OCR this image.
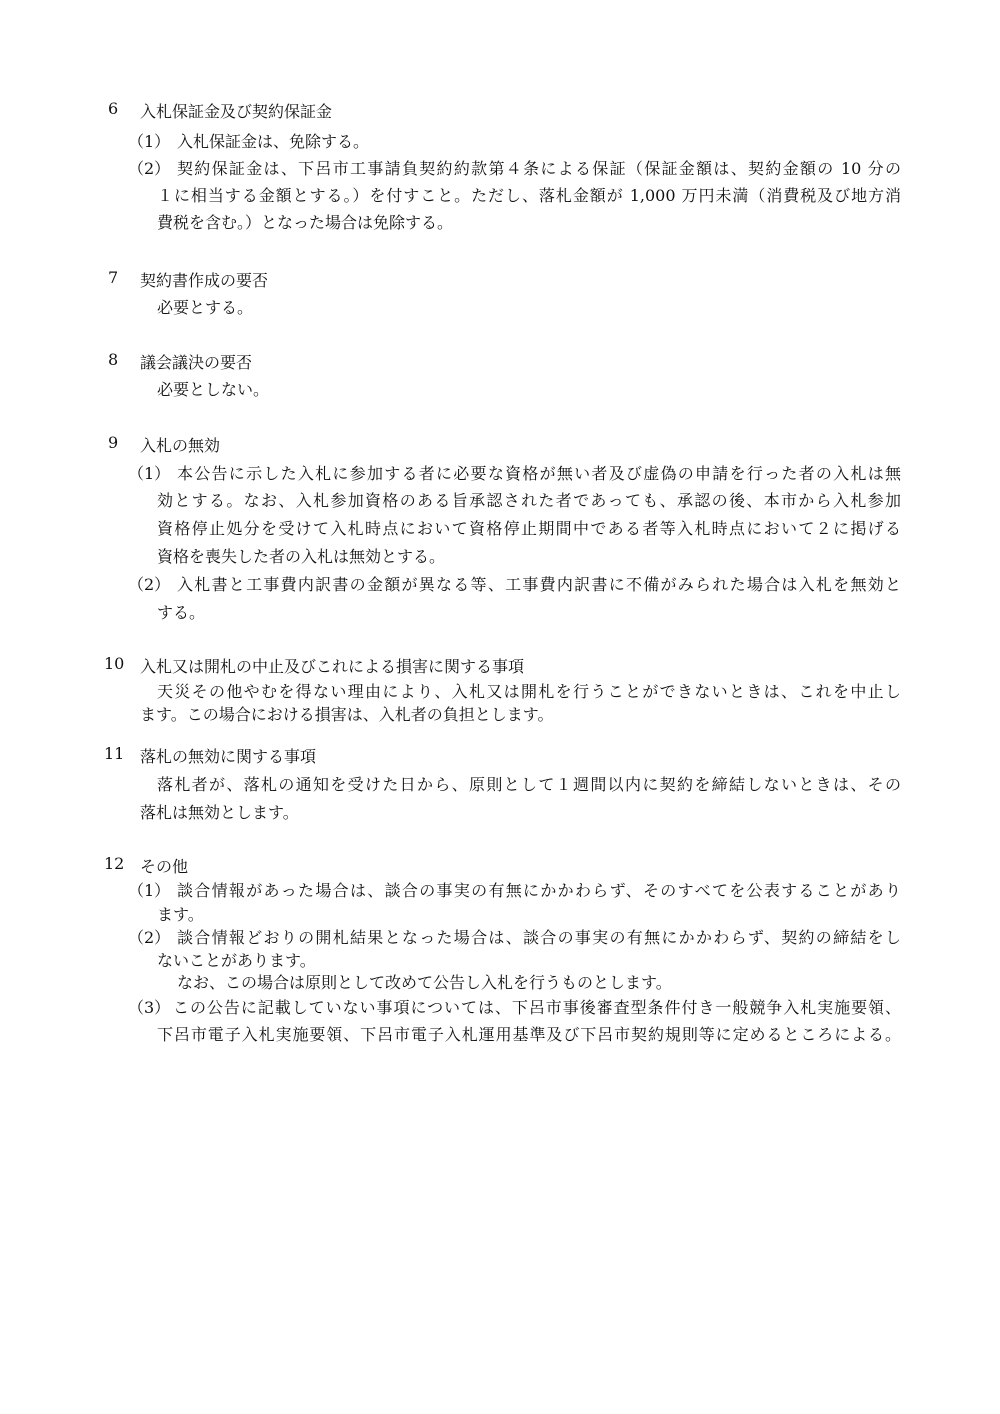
6 入札保証金及び契約保証金
（1） 入札保証金は、免除する。
（2） 契約保証金は、下呂市工事請負契約約款第４条による保証（保証金額は、契約金額の 10 分の
１に相当する金額とする。）を付すこと。ただし、落札金額が 1,000 万円未満（消費税及び地方消
費税を含む。）となった場合は免除する。
7 契約書作成の要否
必要とする。
8 議会議決の要否
必要としない。
9 入札の無効
（1） 本公告に示した入札に参加する者に必要な資格が無い者及び虚偽の申請を行った者の入札は無
効とする。なお、入札参加資格のある旨承認された者であっても、承認の後、本市から入札参加
資格停止処分を受けて入札時点において資格停止期間中である者等入札時点において２に掲げる
資格を喪失した者の入札は無効とする。
（2） 入札書と工事費内訳書の金額が異なる等、工事費内訳書に不備がみられた場合は入札を無効と
する。
10 入札又は開札の中止及びこれによる損害に関する事項
天災その他やむを得ない理由により、入札又は開札を行うことができないときは、これを中止し
ます。この場合における損害は、入札者の負担とします。
11 落札の無効に関する事項
落札者が、落札の通知を受けた日から、原則として１週間以内に契約を締結しないときは、その
落札は無効とします。
12 その他
（1） 談合情報があった場合は、談合の事実の有無にかかわらず、そのすべてを公表することがあり
ます。
（2） 談合情報どおりの開札結果となった場合は、談合の事実の有無にかかわらず、契約の締結をし
ないことがあります。
なお、この場合は原則として改めて公告し入札を行うものとします。
（3） この公告に記載していない事項については、下呂市事後審査型条件付き一般競争入札実施要領、
下呂市電子入札実施要領、下呂市電子入札運用基準及び下呂市契約規則等に定めるところによる。
